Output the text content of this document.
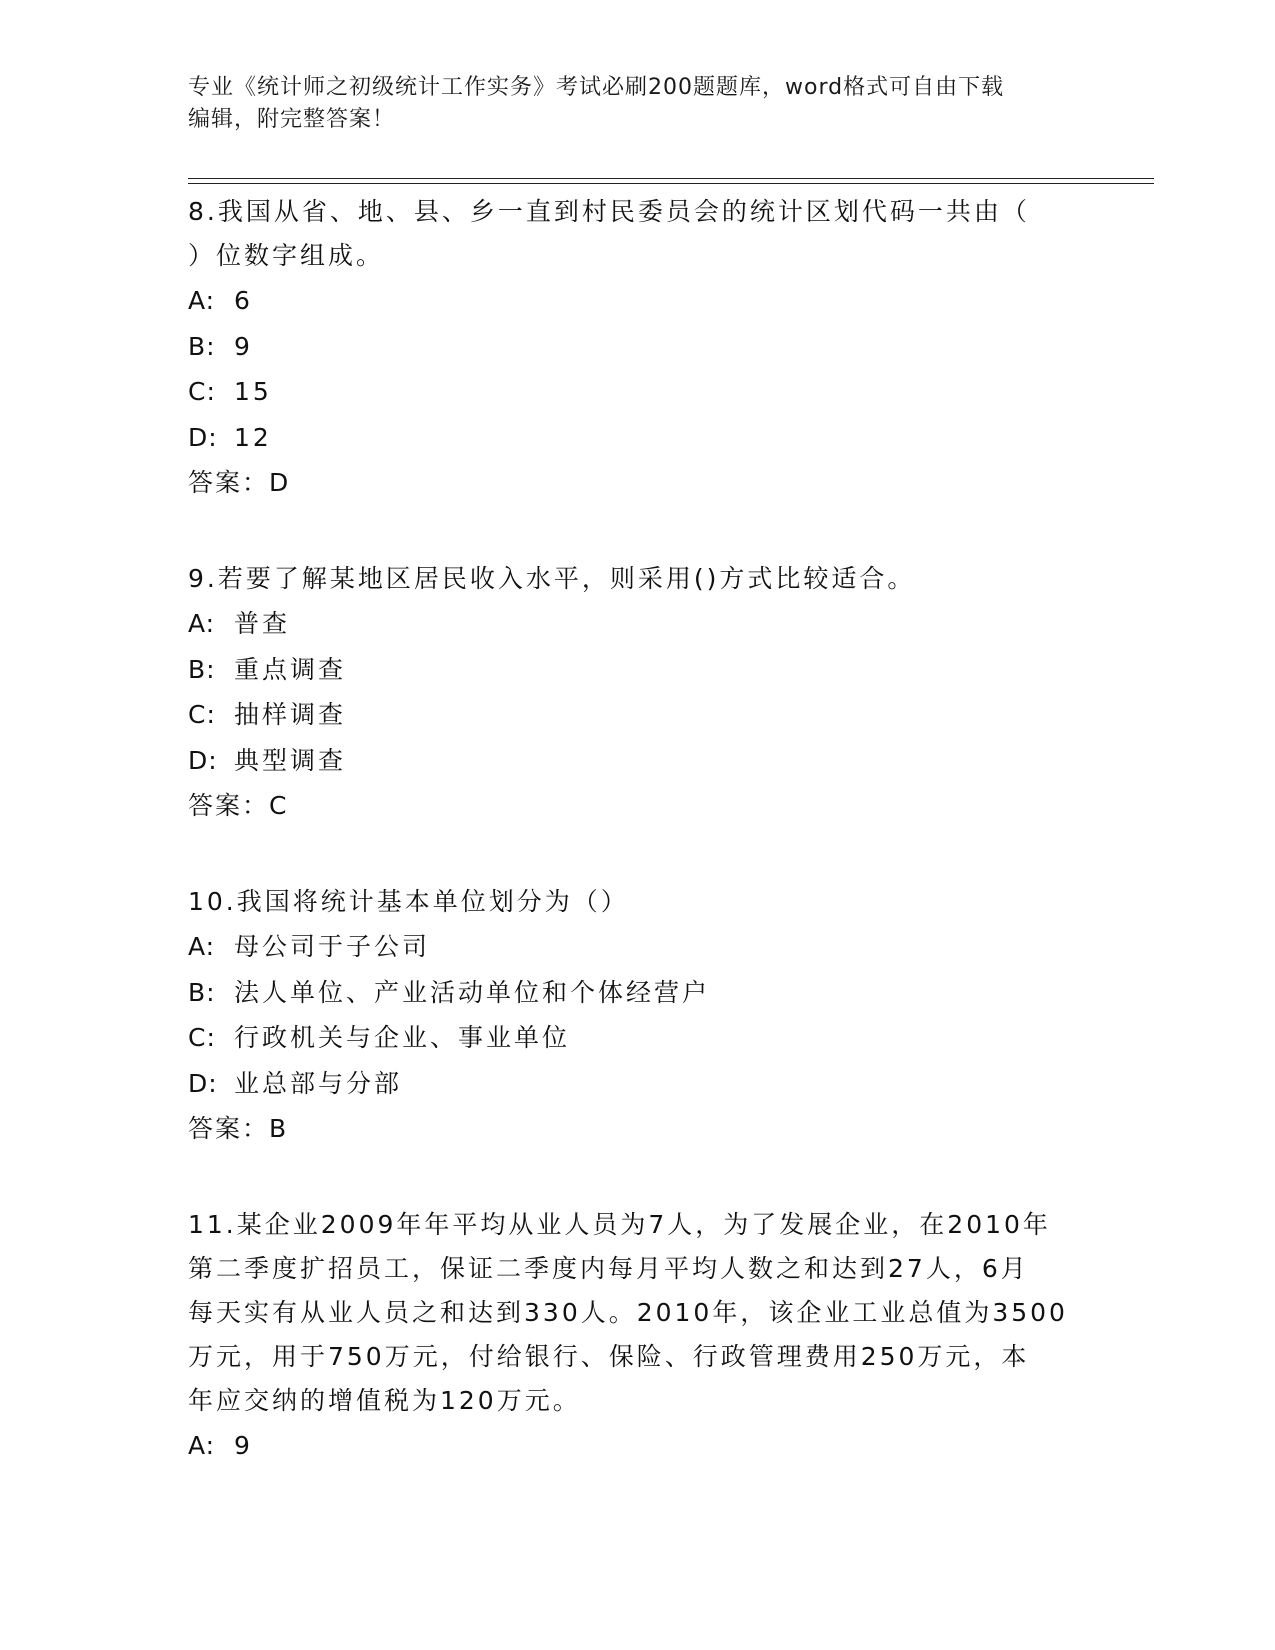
专业《统计师之初级统计工作实务》考试必刷200题题库，word格式可自由下载
编辑，附完整答案！

8.我国从省、地、县、乡一直到村民委员会的统计区划代码一共由（

）位数字组成。

A: 6

B: 9

C: 15

D: 12

答案：D

9.若要了解某地区居民收入水平，则采用()方式比较适合。

A: 普查

B: 重点调查

C: 抽样调查

D: 典型调查

答案：C

10.我国将统计基本单位划分为（）

A: 母公司于子公司

B: 法人单位、产业活动单位和个体经营户

C: 行政机关与企业、事业单位

D: 业总部与分部

答案：B

11.某企业2009年年平均从业人员为7人，为了发展企业，在2010年

第二季度扩招员工，保证二季度内每月平均人数之和达到27人，6月

每天实有从业人员之和达到330人。2010年，该企业工业总值为3500

万元，用于750万元，付给银行、保险、行政管理费用250万元，本

年应交纳的增值税为120万元。

A: 9
